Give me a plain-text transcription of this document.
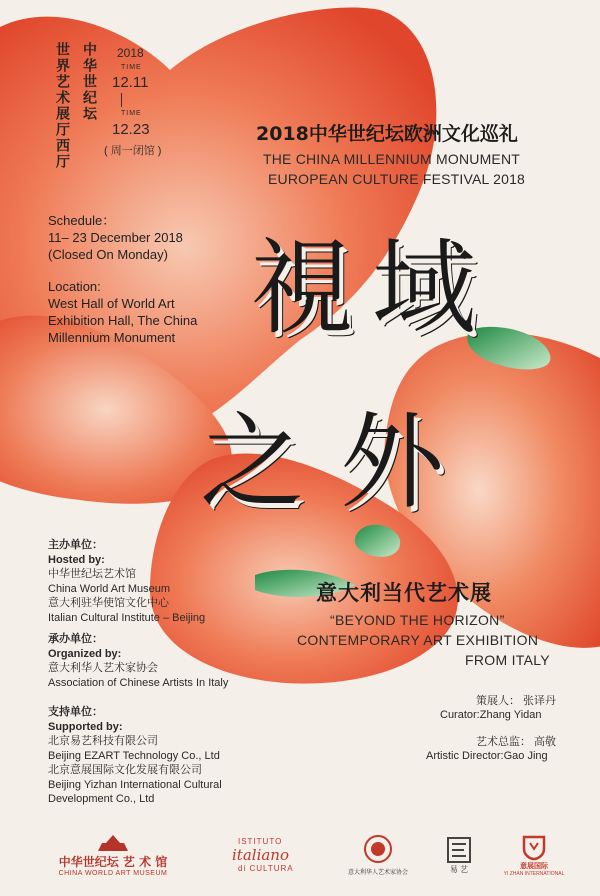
中华世纪坛
世界艺术展厅西厅	2018
TIME
12.11
TIME
12.23
( 周一闭馆 )
2018中华世纪坛欧洲文化巡礼
THE CHINA MILLENNIUM MONUMENT
EUROPEAN CULTURE FESTIVAL 2018
Schedule：
11– 23 December 2018
(Closed On Monday)
Location:
West Hall of World Art
Exhibition Hall, The China
Millennium Monument 視 域
之 外
意大利当代艺术展
“BEYOND THE HORIZON”
CONTEMPORARY ART EXHIBITION
FROM ITALY
主办单位：
Hosted by:
中华世纪坛艺术馆
China World Art Museum
意大利驻华使馆文化中心
Italian Cultural Institute – Beijing
承办单位：
Organized by:
意大利华人艺术家协会
Association of Chinese Artists In Italy
支持单位：
Supported by:
北京易艺科技有限公司
Beijing EZART Technology Co., Ltd
北京意展国际文化发展有限公司
Beijing Yizhan International Cultural
Development Co., Ltd
策展人： 张译丹
Curator:Zhang Yidan
艺术总监： 高敬
Artistic Director:Gao Jing
中华世纪坛 艺 术 馆
CHINA WORLD ART MUSEUM
ISTITUTO
italiano
di CULTURA	意大利华人艺术家协会	易 艺	意展国际
YI ZHAN INTERNATIONAL
